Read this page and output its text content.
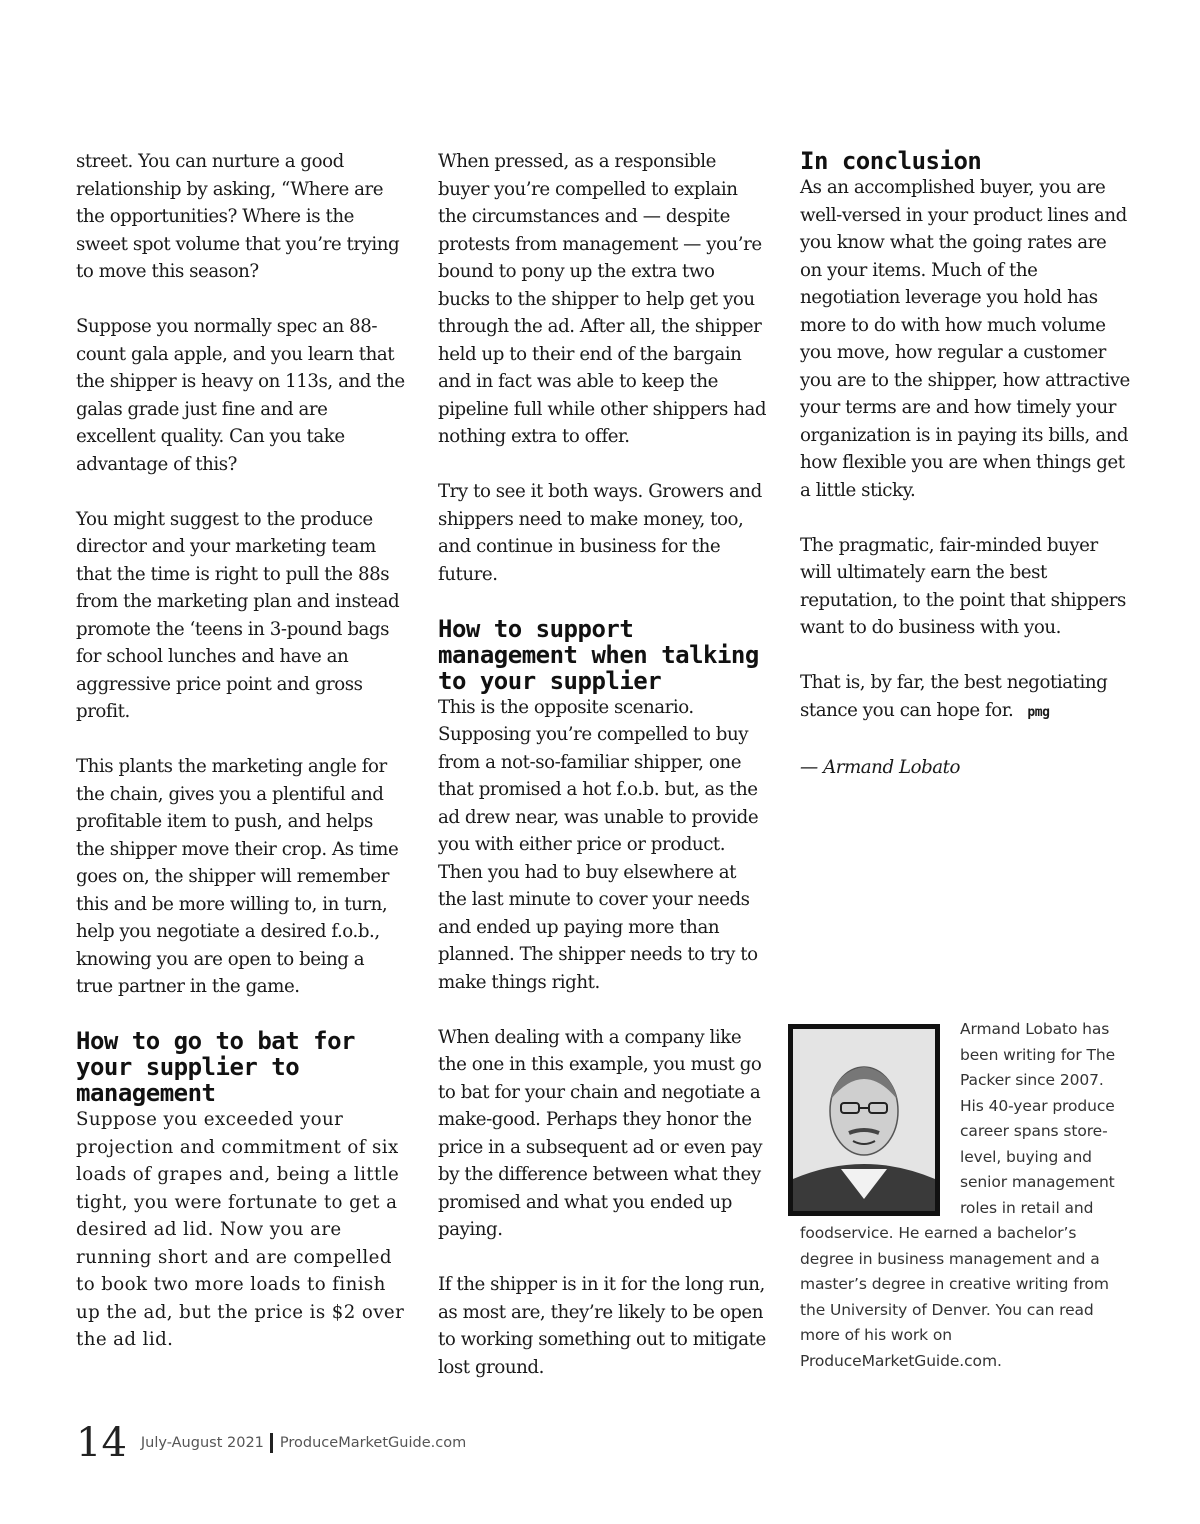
street. You can nurture a good relationship by asking, “Where are the opportunities? Where is the sweet spot volume that you’re trying to move this season?

Suppose you normally spec an 88-count gala apple, and you learn that the shipper is heavy on 113s, and the galas grade just fine and are excellent quality. Can you take advantage of this?

You might suggest to the produce director and your marketing team that the time is right to pull the 88s from the marketing plan and instead promote the ‘teens in 3-pound bags for school lunches and have an aggressive price point and gross profit.

This plants the marketing angle for the chain, gives you a plentiful and profitable item to push, and helps the shipper move their crop. As time goes on, the shipper will remember this and be more willing to, in turn, help you negotiate a desired f.o.b., knowing you are open to being a true partner in the game.

How to go to bat for your supplier to management

Suppose you exceeded your projection and commitment of six loads of grapes and, being a little tight, you were fortunate to get a desired ad lid. Now you are running short and are compelled to book two more loads to finish up the ad, but the price is $2 over the ad lid.

When pressed, as a responsible buyer you’re compelled to explain the circumstances and — despite protests from management — you’re bound to pony up the extra two bucks to the shipper to help get you through the ad. After all, the shipper held up to their end of the bargain and in fact was able to keep the pipeline full while other shippers had nothing extra to offer.

Try to see it both ways. Growers and shippers need to make money, too, and continue in business for the future.

How to support management when talking to your supplier

This is the opposite scenario. Supposing you’re compelled to buy from a not-so-familiar shipper, one that promised a hot f.o.b. but, as the ad drew near, was unable to provide you with either price or product. Then you had to buy elsewhere at the last minute to cover your needs and ended up paying more than planned. The shipper needs to try to make things right.

When dealing with a company like the one in this example, you must go to bat for your chain and negotiate a make-good. Perhaps they honor the price in a subsequent ad or even pay by the difference between what they promised and what you ended up paying.

If the shipper is in it for the long run, as most are, they’re likely to be open to working something out to mitigate lost ground.

In conclusion

As an accomplished buyer, you are well-versed in your product lines and you know what the going rates are on your items. Much of the negotiation leverage you hold has more to do with how much volume you move, how regular a customer you are to the shipper, how attractive your terms are and how timely your organization is in paying its bills, and how flexible you are when things get a little sticky.

The pragmatic, fair-minded buyer will ultimately earn the best reputation, to the point that shippers want to do business with you.

That is, by far, the best negotiating stance you can hope for. pmg

— Armand Lobato

Armand Lobato has been writing for The Packer since 2007. His 40-year produce career spans store-level, buying and senior management roles in retail and foodservice. He earned a bachelor’s degree in business management and a master’s degree in creative writing from the University of Denver. You can read more of his work on ProduceMarketGuide.com.

14 July-August 2021 ProduceMarketGuide.com
